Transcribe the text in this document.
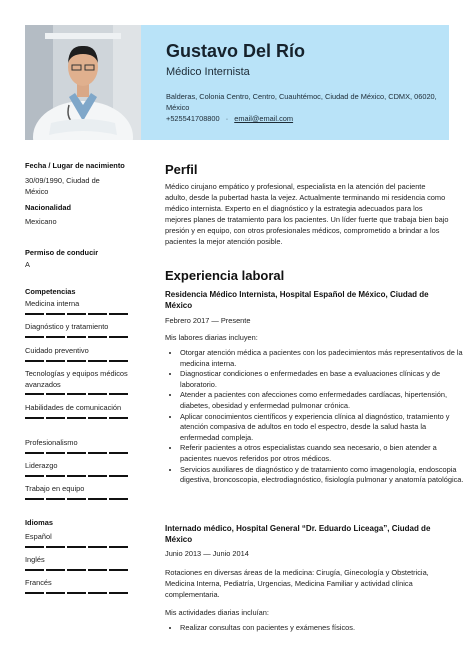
Gustavo Del Río
Médico Internista
Balderas, Colonia Centro, Centro, Cuauhtémoc, Ciudad de México, CDMX, 06020, México
+525541708800 · email@email.com
Fecha / Lugar de nacimiento
30/09/1990, Ciudad de México
Nacionalidad
Mexicano
Permiso de conducir
A
Competencias
Medicina interna
Diagnóstico y tratamiento
Cuidado preventivo
Tecnologías y equipos médicos avanzados
Habilidades de comunicación
Profesionalismo
Liderazgo
Trabajo en equipo
Idiomas
Español
Inglés
Francés
Perfil
Médico cirujano empático y profesional, especialista en la atención del paciente adulto, desde la pubertad hasta la vejez. Actualmente terminando mi residencia como médico internista. Experto en el diagnóstico y la estrategia adecuados para los mejores planes de tratamiento para los pacientes. Un líder fuerte que trabaja bien bajo presión y en equipo, con otros profesionales médicos, comprometido a brindar a los pacientes la mejor atención posible.
Experiencia laboral
Residencia Médico Internista, Hospital Español de México, Ciudad de México
Febrero 2017 — Presente
Mis labores diarias incluyen:
• Otorgar atención médica a pacientes con los padecimientos más representativos de la medicina interna.
• Diagnosticar condiciones o enfermedades en base a evaluaciones clínicas y de laboratorio.
• Atender a pacientes con afecciones como enfermedades cardíacas, hipertensión, diabetes, obesidad y enfermedad pulmonar crónica.
• Aplicar conocimientos científicos y experiencia clínica al diagnóstico, tratamiento y atención compasiva de adultos en todo el espectro, desde la salud hasta la enfermedad compleja.
• Referir pacientes a otros especialistas cuando sea necesario, o bien atender a pacientes nuevos referidos por otros médicos.
• Servicios auxiliares de diagnóstico y de tratamiento como imagenología, endoscopia digestiva, broncoscopia, electrodiagnóstico, fisiología pulmonar y anatomía patológica.
Internado médico, Hospital General “Dr. Eduardo Liceaga”, Ciudad de México
Junio 2013 — Junio 2014
Rotaciones en diversas áreas de la medicina: Cirugía, Ginecología y Obstetricia, Medicina Interna, Pediatría, Urgencias, Medicina Familiar y actividad clínica complementaria.
Mis actividades diarias incluían:
• Realizar consultas con pacientes y exámenes físicos.
